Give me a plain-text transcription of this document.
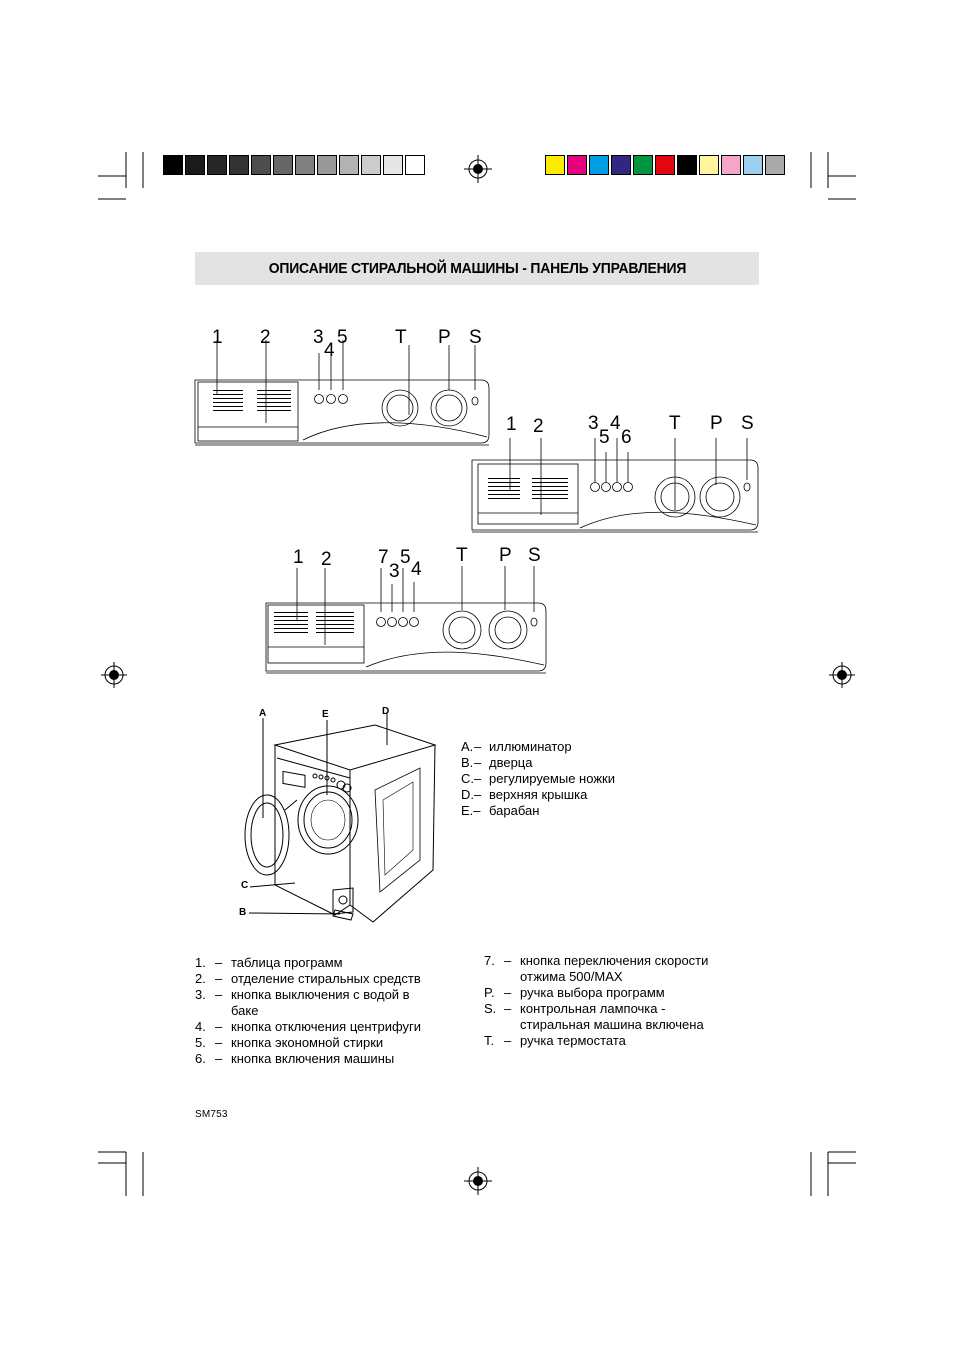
ОПИСАНИЕ СТИРАЛЬНОЙ МАШИНЫ - ПАНЕЛЬ УПРАВЛЕНИЯ
1 2 3 5 T P S
4
1 2 3 4	T P S
5 6
1 2 7 5 T P S
3 4
A	E	D
C
B
A. – иллюминатор
B. – дверца
C. – регулируемые ножки
D. – верхняя крышка
E.– барабан
1. – таблица программ
2. – отделение стиральных средств
3. – кнопка выключения с водой в
баке
4. – кнопка отключения центрифуги
5. – кнопка экономной стирки
6. – кнопка включения машины
7. – кнопка переключения скорости
отжима 500/MAX
P. – ручка выбора программ
S. – контрольная лампочка -
стиральная машина включена
T. – ручка термостата
SM753
